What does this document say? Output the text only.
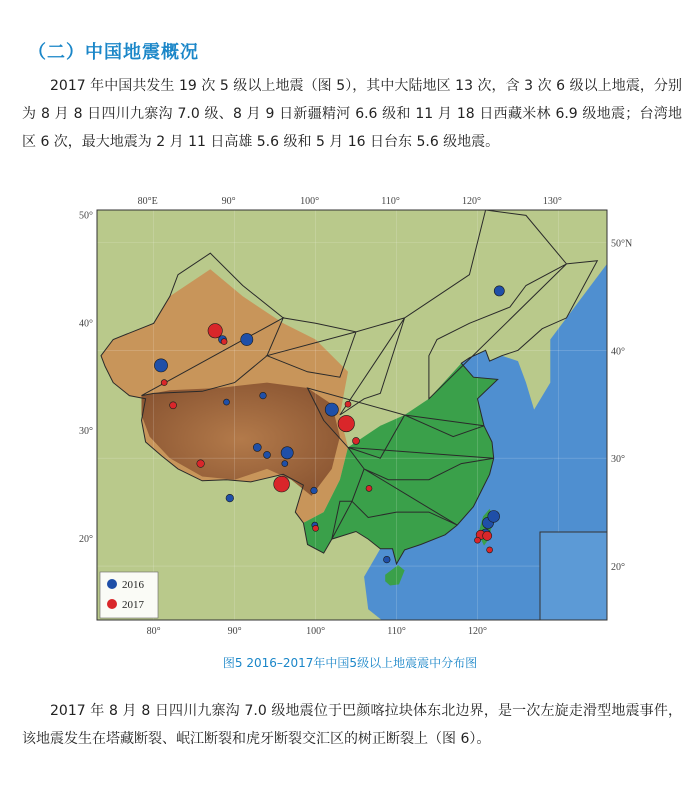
（二）中国地震概况

2017 年中国共发生 19 次 5 级以上地震（图 5），其中大陆地区 13 次，含 3 次 6 级以上地震，分别为 8 月 8 日四川九寨沟 7.0 级、8 月 9 日新疆精河 6.6 级和 11 月 18 日西藏米林 6.9 级地震；台湾地区 6 次，最大地震为 2 月 11 日高雄 5.6 级和 5 月 16 日台东 5.6 级地震。

80°E	90°	100°	110°	120°	130°
80°	90°	100°	110°	120°
50°
40°
30°
20°
50°N
40°
30°
20°
2016
2017
图5 2016–2017年中国5级以上地震震中分布图

2017 年 8 月 8 日四川九寨沟 7.0 级地震位于巴颜喀拉块体东北边界，是一次左旋走滑型地震事件，该地震发生在塔藏断裂、岷江断裂和虎牙断裂交汇区的树正断裂上（图 6）。
